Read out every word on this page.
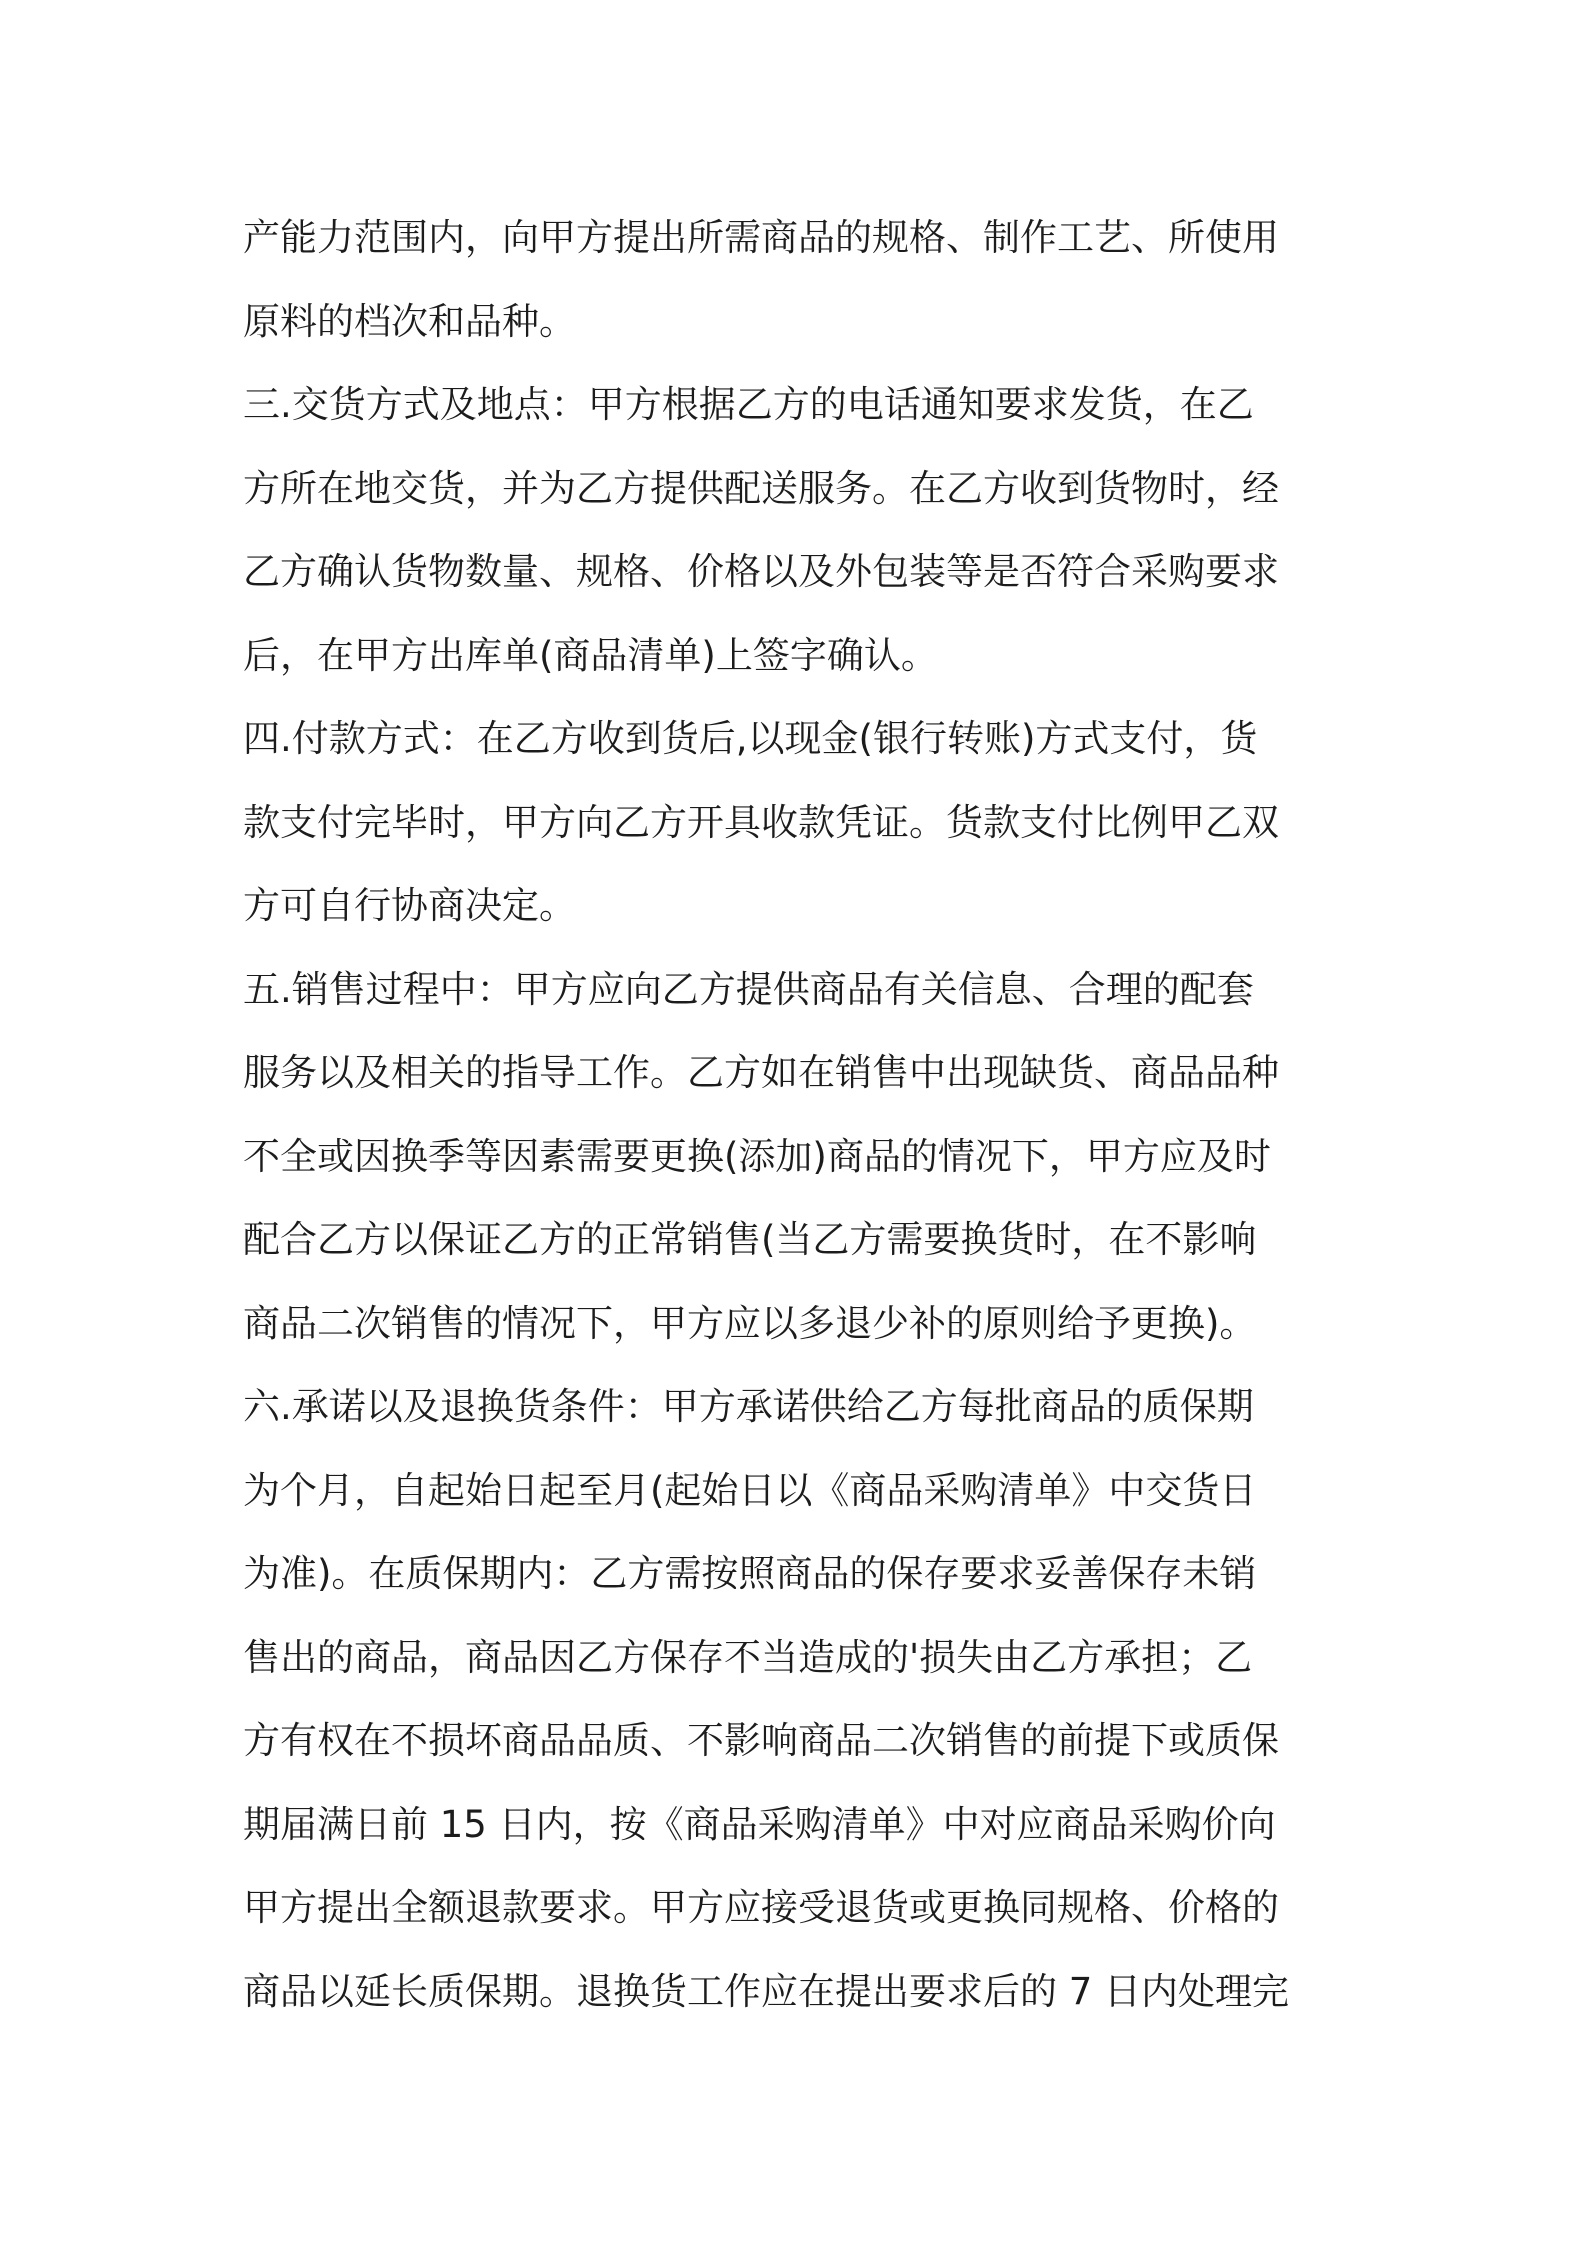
产能力范围内，向甲方提出所需商品的规格、制作工艺、所使用
原料的档次和品种。
三.交货方式及地点：甲方根据乙方的电话通知要求发货，在乙
方所在地交货，并为乙方提供配送服务。在乙方收到货物时，经
乙方确认货物数量、规格、价格以及外包装等是否符合采购要求
后，在甲方出库单(商品清单)上签字确认。
四.付款方式：在乙方收到货后,以现金(银行转账)方式支付，货
款支付完毕时，甲方向乙方开具收款凭证。货款支付比例甲乙双
方可自行协商决定。
五.销售过程中：甲方应向乙方提供商品有关信息、合理的配套
服务以及相关的指导工作。乙方如在销售中出现缺货、商品品种
不全或因换季等因素需要更换(添加)商品的情况下，甲方应及时
配合乙方以保证乙方的正常销售(当乙方需要换货时，在不影响
商品二次销售的情况下，甲方应以多退少补的原则给予更换)。
六.承诺以及退换货条件：甲方承诺供给乙方每批商品的质保期
为个月，自起始日起至月(起始日以《商品采购清单》中交货日
为准)。在质保期内：乙方需按照商品的保存要求妥善保存未销
售出的商品，商品因乙方保存不当造成的'损失由乙方承担；乙
方有权在不损坏商品品质、不影响商品二次销售的前提下或质保
期届满日前 15 日内，按《商品采购清单》中对应商品采购价向
甲方提出全额退款要求。甲方应接受退货或更换同规格、价格的
商品以延长质保期。退换货工作应在提出要求后的 7 日内处理完
